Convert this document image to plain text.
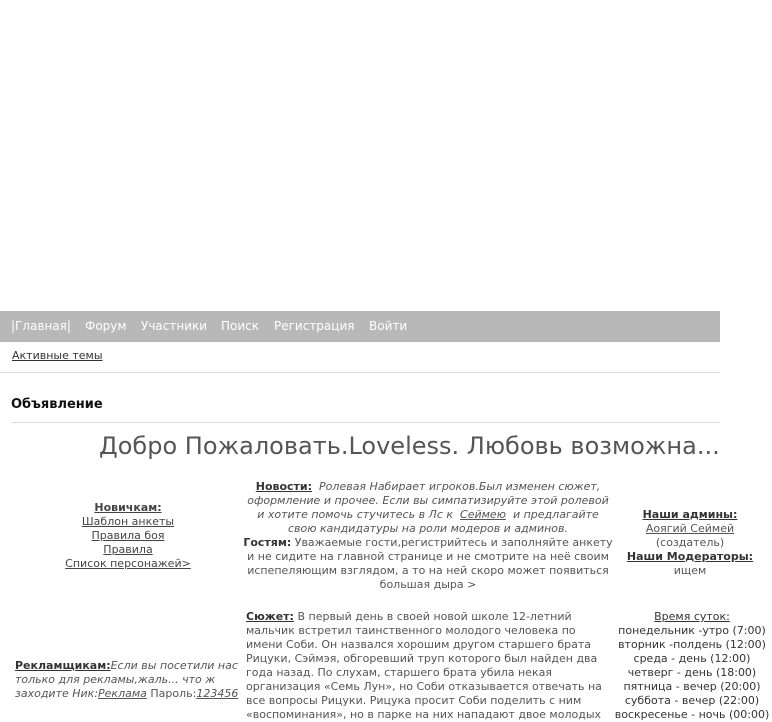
|Главная| Форум Участники Поиск Регистрация Войти
Активные темы
Объявление
Добро Пожаловать.Loveless. Любовь возможна...
Новичкам:
Шаблон анкеты
Правила боя
Правила
Список персонажей>
Новости: Ролевая Набирает игроков.Был изменен сюжет, оформление и прочее. Если вы симпатизируйте этой ролевой и хотите помочь стучитесь в Лс к Сеймею и предлагайте свою кандидатуры на роли модеров и админов.
Гостям: Уважаемые гости,регистрийтесь и заполняйте анкету и не сидите на главной странице и не смотрите на неё своим испепеляющим взглядом, а то на ней скоро может появиться большая дыра >
Рекламщикам:Если вы посетили нас только для рекламы,жаль... что ж заходите Ник:Реклама Пароль:123456
Сюжет: В первый день в своей новой школе 12-летний мальчик встретил таинственного молодого человека по имени Соби. Он назвался хорошим другом старшего брата Рицуки, Сэймэя, обгоревший труп которого был найден два года назад. По слухам, старшего брата убила некая организация «Семь Лун», но Соби отказывается отвечать на все вопросы Рицуки. Рицука просит Соби поделить с ним «воспоминания», но в парке на них нападают двое молодых
Наши админы:
Аоягий Сеймей
(создатель)
Наши Модераторы:
ищем
Время суток:
понедельник -утро (7:00)
вторник -полдень (12:00)
среда - день (12:00)
четверг - день (18:00)
пятница - вечер (20:00)
суббота - вечер (22:00)
воскресенье - ночь (00:00)
